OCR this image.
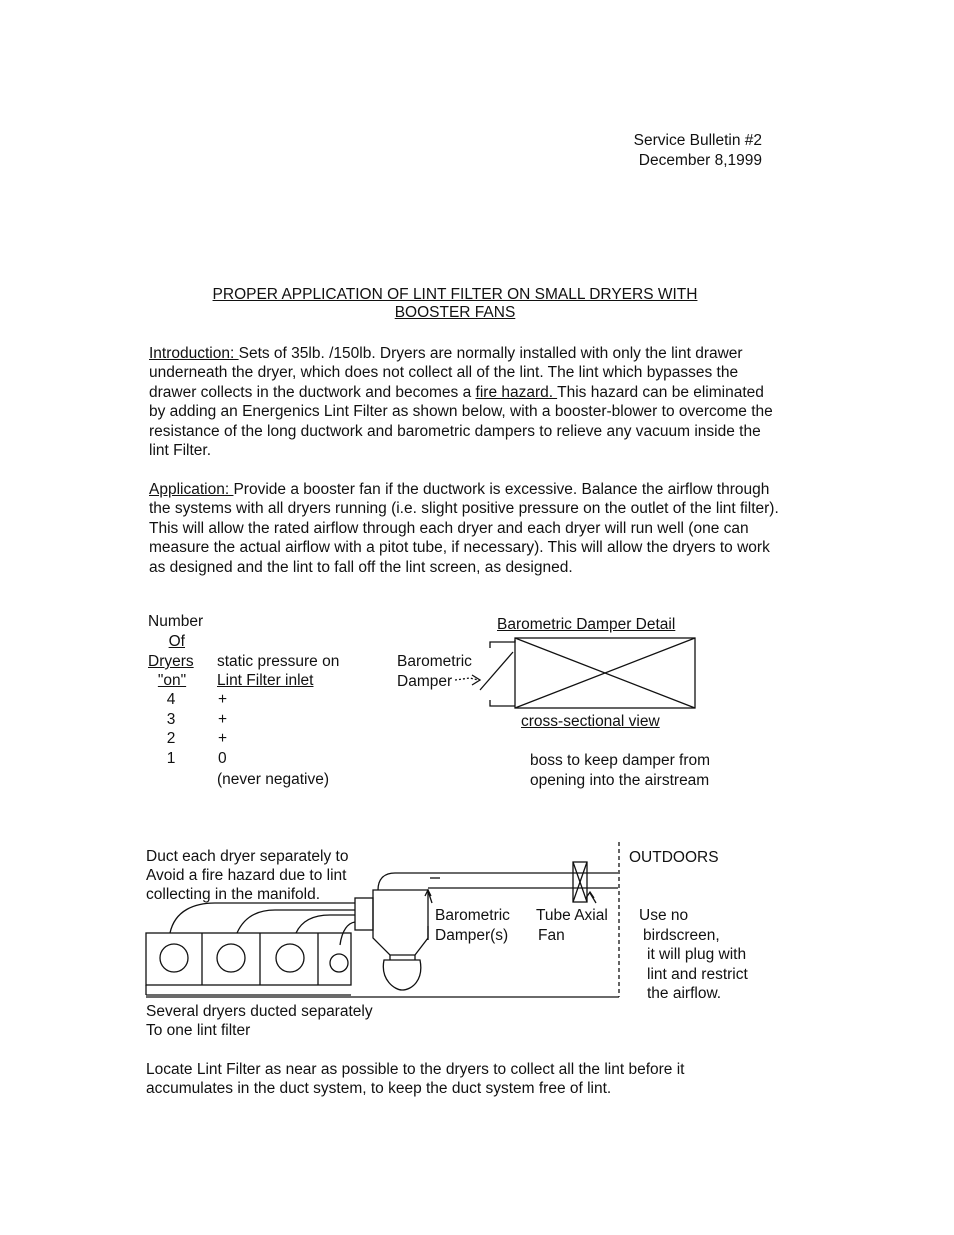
Service Bulletin #2
December 8,1999
PROPER APPLICATION OF LINT FILTER ON SMALL DRYERS WITH
BOOSTER FANS
Introduction: Sets of 35lb. /150lb. Dryers are normally installed with only the lint drawer underneath the dryer, which does not collect all of the lint. The lint which bypasses the drawer collects in the ductwork and becomes a fire hazard. This hazard can be eliminated by adding an Energenics Lint Filter as shown below, with a booster-blower to overcome the resistance of the long ductwork and barometric dampers to relieve any vacuum inside the lint Filter.
Application: Provide a booster fan if the ductwork is excessive. Balance the airflow through the systems with all dryers running (i.e. slight positive pressure on the outlet of the lint filter). This will allow the rated airflow through each dryer and each dryer will run well (one can measure the actual airflow with a pitot tube, if necessary). This will allow the dryers to work as designed and the lint to fall off the lint screen, as designed.
Number
Of
Dryers
"on"
static pressure on
Lint Filter inlet
4	+
3	+
2	+
1	0
(never negative)
Barometric Damper Detail
Barometric
Damper
cross-sectional view
boss to keep damper from
opening into the airstream
Duct each dryer separately to
Avoid a fire hazard due to lint
collecting in the manifold.
Barometric
Damper(s)
Tube Axial
Fan
OUTDOORS
Use no
birdscreen,
it will plug with
lint and restrict
the airflow.
Several dryers ducted separately
To one lint filter
Locate Lint Filter as near as possible to the dryers to collect all the lint before it accumulates in the duct system, to keep the duct system free of lint.
